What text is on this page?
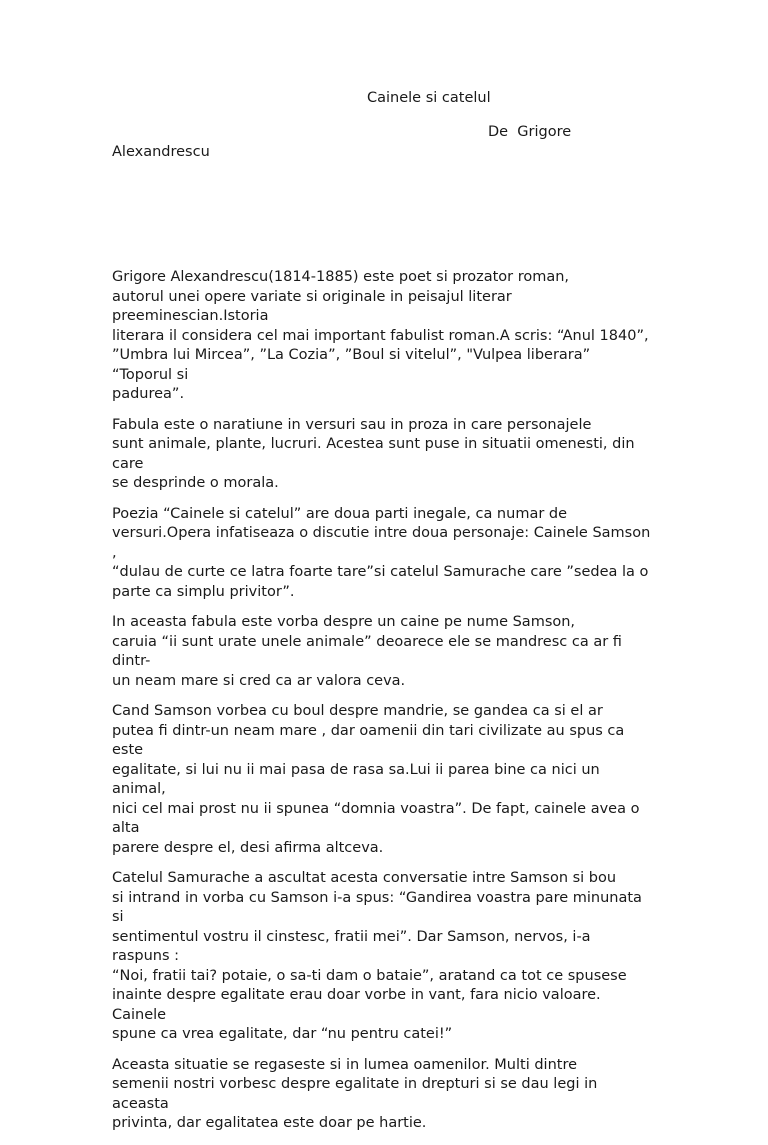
Cainele si catelul
De  Grigore
Alexandrescu

Grigore Alexandrescu(1814-1885) este poet si prozator roman,
autorul unei opere variate si originale in peisajul literar preeminescian.Istoria
literara il considera cel mai important fabulist roman.A scris: “Anul 1840”,
”Umbra lui Mircea”, ”La Cozia”, ”Boul si vitelul”, "Vulpea liberara” “Toporul si
padurea”.

Fabula este o naratiune in versuri sau in proza in care personajele
sunt animale, plante, lucruri. Acestea sunt puse in situatii omenesti, din care
se desprinde o morala.

Poezia “Cainele si catelul” are doua parti inegale, ca numar de
versuri.Opera infatiseaza o discutie intre doua personaje: Cainele Samson ,
“dulau de curte ce latra foarte tare”si catelul Samurache care ”sedea la o
parte ca simplu privitor”.

In aceasta fabula este vorba despre un caine pe nume Samson,
caruia “ii sunt urate unele animale” deoarece ele se mandresc ca ar fi dintr-
un neam mare si cred ca ar valora ceva.

Cand Samson vorbea cu boul despre mandrie, se gandea ca si el ar
putea fi dintr-un neam mare , dar oamenii din tari civilizate au spus ca este
egalitate, si lui nu ii mai pasa de rasa sa.Lui ii parea bine ca nici un animal,
nici cel mai prost nu ii spunea “domnia voastra”. De fapt, cainele avea o alta
parere despre el, desi afirma altceva.

Catelul Samurache a ascultat acesta conversatie intre Samson si bou
si intrand in vorba cu Samson i-a spus: “Gandirea voastra pare minunata si
sentimentul vostru il cinstesc, fratii mei”. Dar Samson, nervos, i-a raspuns :
“Noi, fratii tai? potaie, o sa-ti dam o bataie”, aratand ca tot ce spusese
inainte despre egalitate erau doar vorbe in vant, fara nicio valoare. Cainele
spune ca vrea egalitate, dar “nu pentru catei!”

Aceasta situatie se regaseste si in lumea oamenilor. Multi dintre
semenii nostri vorbesc despre egalitate in drepturi si se dau legi in aceasta
privinta, dar egalitatea este doar pe hartie.
